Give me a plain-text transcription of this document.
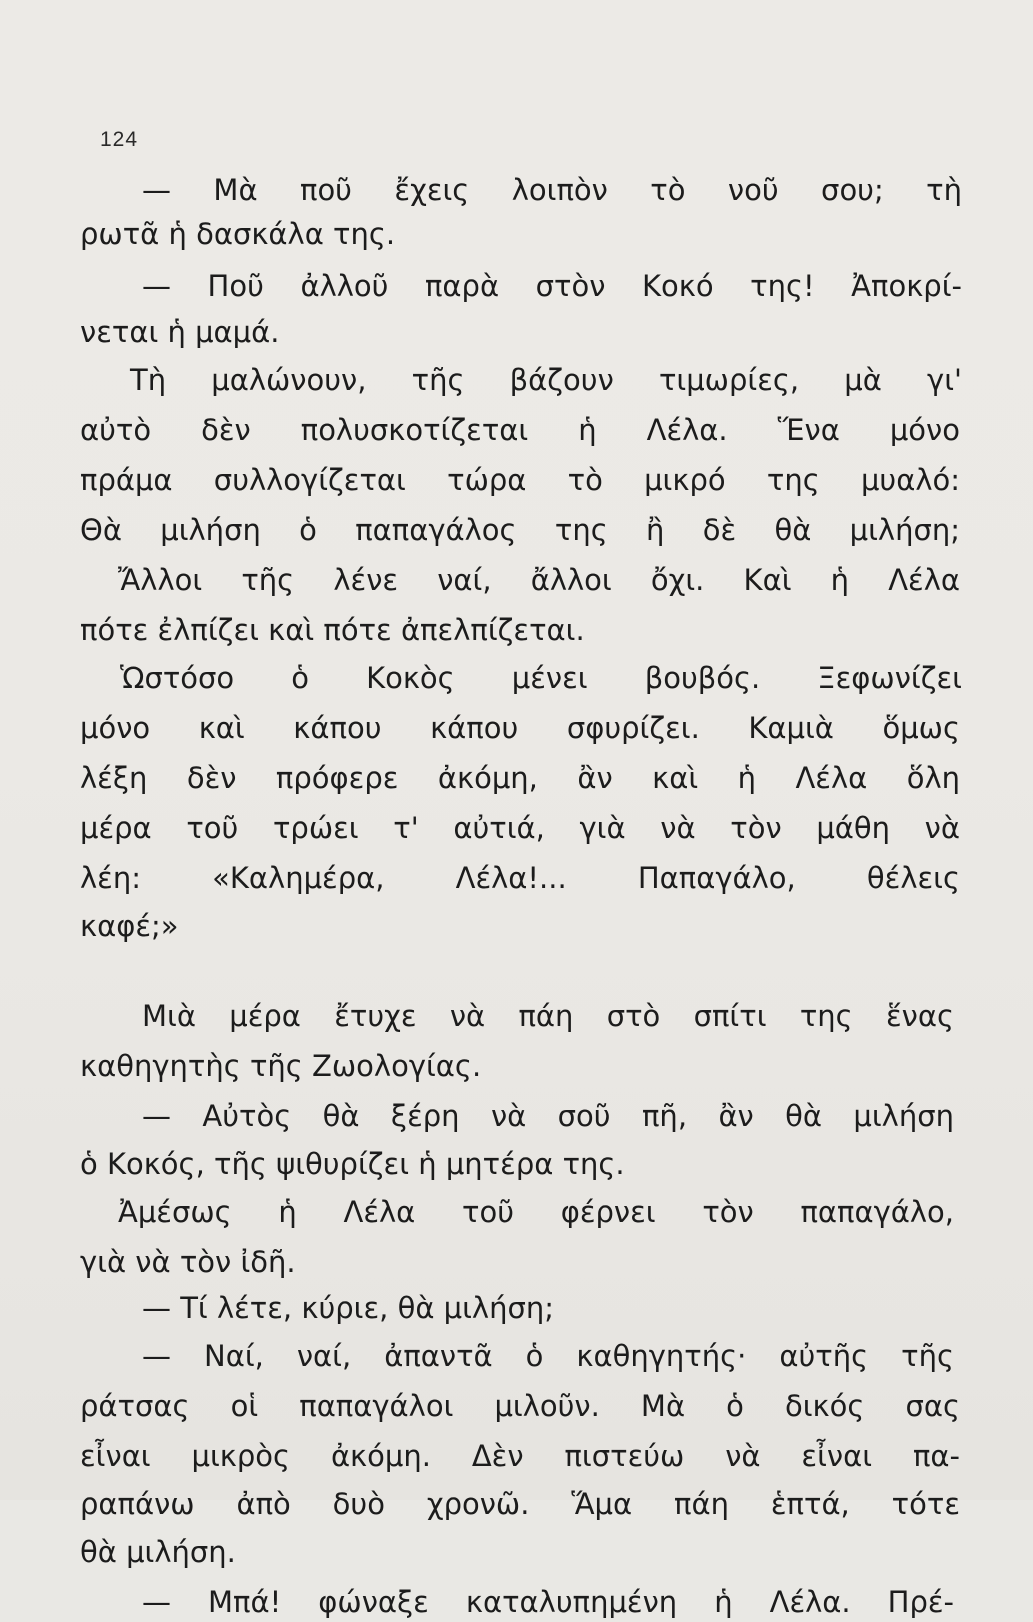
124
— Μὰ ποῦ ἔχεις λοιπὸν τὸ νοῦ σου; τὴ
ρωτᾶ ἡ δασκάλα της.
— Ποῦ ἀλλοῦ παρὰ στὸν Κοκό της! Ἀποκρί-
νεται ἡ μαμά.
Τὴ μαλώνουν, τῆς βάζουν τιμωρίες, μὰ γι'
αὐτὸ δὲν πολυσκοτίζεται ἡ Λέλα. Ἕνα μόνο
πράμα συλλογίζεται τώρα τὸ μικρό της μυαλό:
Θὰ μιλήση ὁ παπαγάλος της ἢ δὲ θὰ μιλήση;
Ἄλλοι τῆς λένε ναί, ἄλλοι ὄχι. Καὶ ἡ Λέλα
πότε ἐλπίζει καὶ πότε ἀπελπίζεται.
Ὡστόσο ὁ Κοκὸς μένει βουβός. Ξεφωνίζει
μόνο καὶ κάπου κάπου σφυρίζει. Καμιὰ ὅμως
λέξη δὲν πρόφερε ἀκόμη, ἂν καὶ ἡ Λέλα ὅλη
μέρα τοῦ τρώει τ' αὐτιά, γιὰ νὰ τὸν μάθη νὰ
λέη: «Καλημέρα, Λέλα!... Παπαγάλο, θέλεις
καφέ;»
Μιὰ μέρα ἔτυχε νὰ πάη στὸ σπίτι της ἕνας
καθηγητὴς τῆς Ζωολογίας.
— Αὐτὸς θὰ ξέρη νὰ σοῦ πῆ, ἂν θὰ μιλήση
ὁ Κοκός, τῆς ψιθυρίζει ἡ μητέρα της.
Ἀμέσως ἡ Λέλα τοῦ φέρνει τὸν παπαγάλο,
γιὰ νὰ τὸν ἰδῆ.
— Τί λέτε, κύριε, θὰ μιλήση;
— Ναί, ναί, ἀπαντᾶ ὁ καθηγητής· αὐτῆς τῆς
ράτσας οἱ παπαγάλοι μιλοῦν. Μὰ ὁ δικός σας
εἶναι μικρὸς ἀκόμη. Δὲν πιστεύω νὰ εἶναι πα-
ραπάνω ἀπὸ δυὸ χρονῶ. Ἅμα πάη ἑπτά, τότε
θὰ μιλήση.
— Μπά! φώναξε καταλυπημένη ἡ Λέλα. Πρέ-
